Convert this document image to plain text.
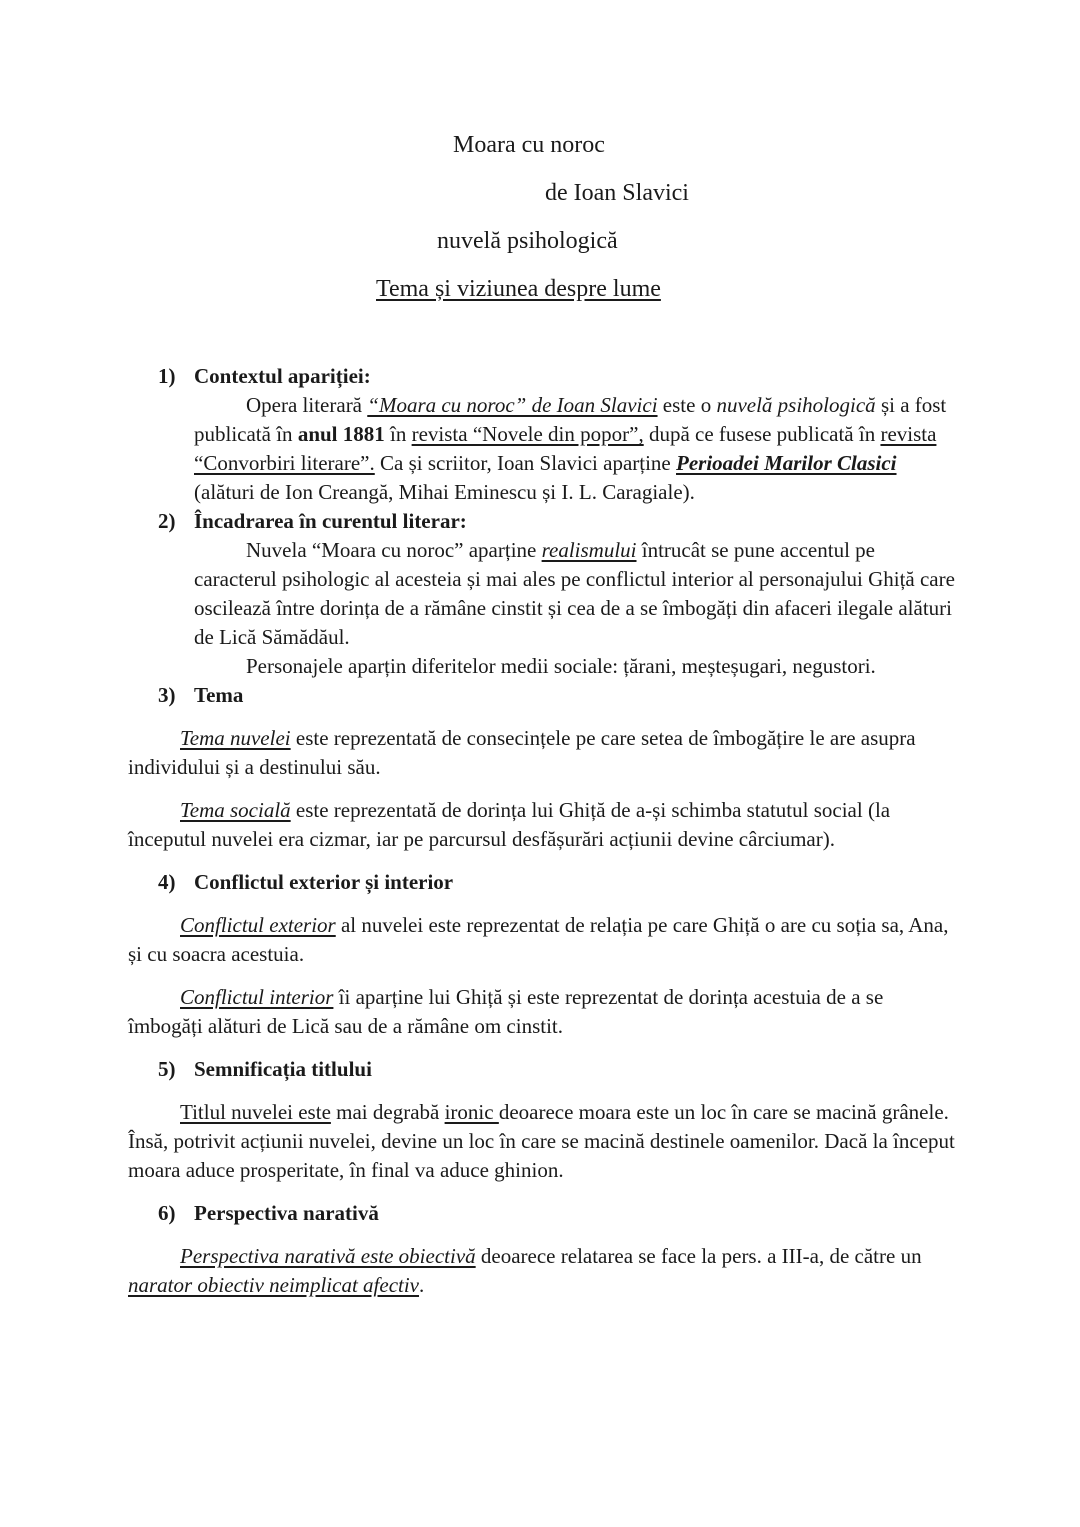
Moara cu noroc
de Ioan Slavici
nuvelă psihologică
Tema și viziunea despre lume

1) Contextul apariției:

Opera literară “Moara cu noroc” de Ioan Slavici este o nuvelă psihologică și a fost publicată în anul 1881 în revista “Novele din popor”, după ce fusese publicată în revista “Convorbiri literare”. Ca și scriitor, Ioan Slavici aparține Perioadei Marilor Clasici (alături de Ion Creangă, Mihai Eminescu și I. L. Caragiale).

2) Încadrarea în curentul literar:

Nuvela “Moara cu noroc” aparține realismului întrucât se pune accentul pe caracterul psihologic al acesteia și mai ales pe conflictul interior al personajului Ghiță care oscilează între dorința de a rămâne cinstit și cea de a se îmbogăți din afaceri ilegale alături de Lică Sămădăul.

Personajele aparțin diferitelor medii sociale: țărani, meșteșugari, negustori.

3) Tema

Tema nuvelei este reprezentată de consecințele pe care setea de îmbogățire le are asupra individului și a destinului său.

Tema socială este reprezentată de dorința lui Ghiță de a-și schimba statutul social (la începutul nuvelei era cizmar, iar pe parcursul desfășurări acțiunii devine cârciumar).

4) Conflictul exterior și interior

Conflictul exterior al nuvelei este reprezentat de relația pe care Ghiță o are cu soția sa, Ana, și cu soacra acestuia.

Conflictul interior îi aparține lui Ghiță și este reprezentat de dorința acestuia de a se îmbogăți alături de Lică sau de a rămâne om cinstit.

5) Semnificația titlului

Titlul nuvelei este mai degrabă ironic deoarece moara este un loc în care se macină grânele. Însă, potrivit acțiunii nuvelei, devine un loc în care se macină destinele oamenilor. Dacă la început moara aduce prosperitate, în final va aduce ghinion.

6) Perspectiva narativă

Perspectiva narativă este obiectivă deoarece relatarea se face la pers. a III-a, de către un narator obiectiv neimplicat afectiv.
